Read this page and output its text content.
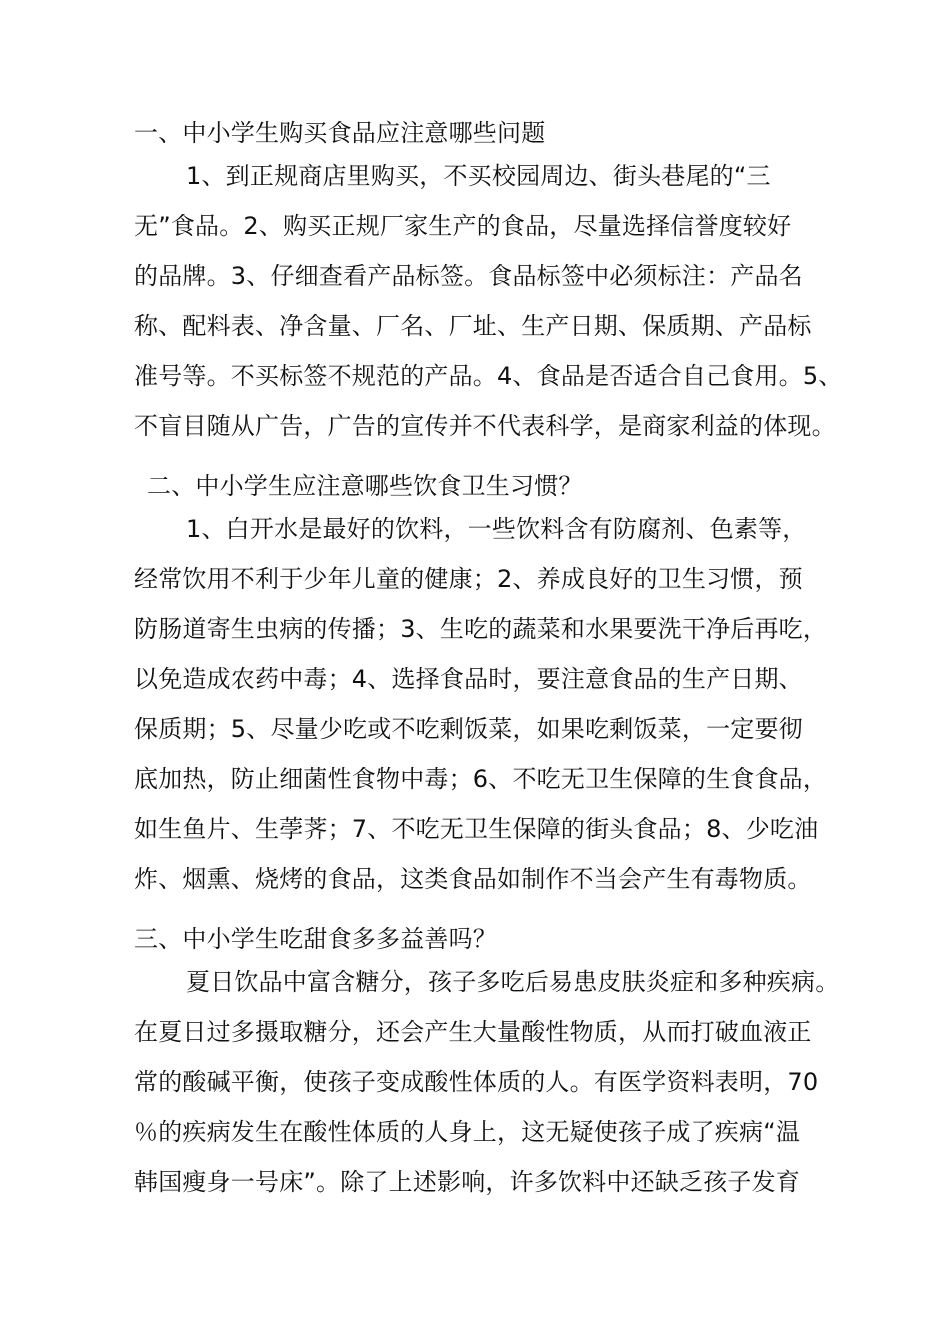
一、中小学生购买食品应注意哪些问题
1、到正规商店里购买，不买校园周边、街头巷尾的“三
无”食品。2、购买正规厂家生产的食品，尽量选择信誉度较好
的品牌。3、仔细查看产品标签。食品标签中必须标注：产品名
称、配料表、净含量、厂名、厂址、生产日期、保质期、产品标
准号等。不买标签不规范的产品。4、食品是否适合自己食用。5、
不盲目随从广告，广告的宣传并不代表科学，是商家利益的体现。
二、中小学生应注意哪些饮食卫生习惯？
1、白开水是最好的饮料，一些饮料含有防腐剂、色素等，
经常饮用不利于少年儿童的健康；2、养成良好的卫生习惯，预
防肠道寄生虫病的传播；3、生吃的蔬菜和水果要洗干净后再吃，
以免造成农药中毒；4、选择食品时，要注意食品的生产日期、
保质期；5、尽量少吃或不吃剩饭菜，如果吃剩饭菜，一定要彻
底加热，防止细菌性食物中毒；6、不吃无卫生保障的生食食品，
如生鱼片、生荸荠；7、不吃无卫生保障的街头食品；8、少吃油
炸、烟熏、烧烤的食品，这类食品如制作不当会产生有毒物质。
三、中小学生吃甜食多多益善吗？
夏日饮品中富含糖分，孩子多吃后易患皮肤炎症和多种疾病。
在夏日过多摄取糖分，还会产生大量酸性物质，从而打破血液正
常的酸碱平衡，使孩子变成酸性体质的人。有医学资料表明，70
％的疾病发生在酸性体质的人身上，这无疑使孩子成了疾病“温
韩国瘦身一号床”。除了上述影响，许多饮料中还缺乏孩子发育
